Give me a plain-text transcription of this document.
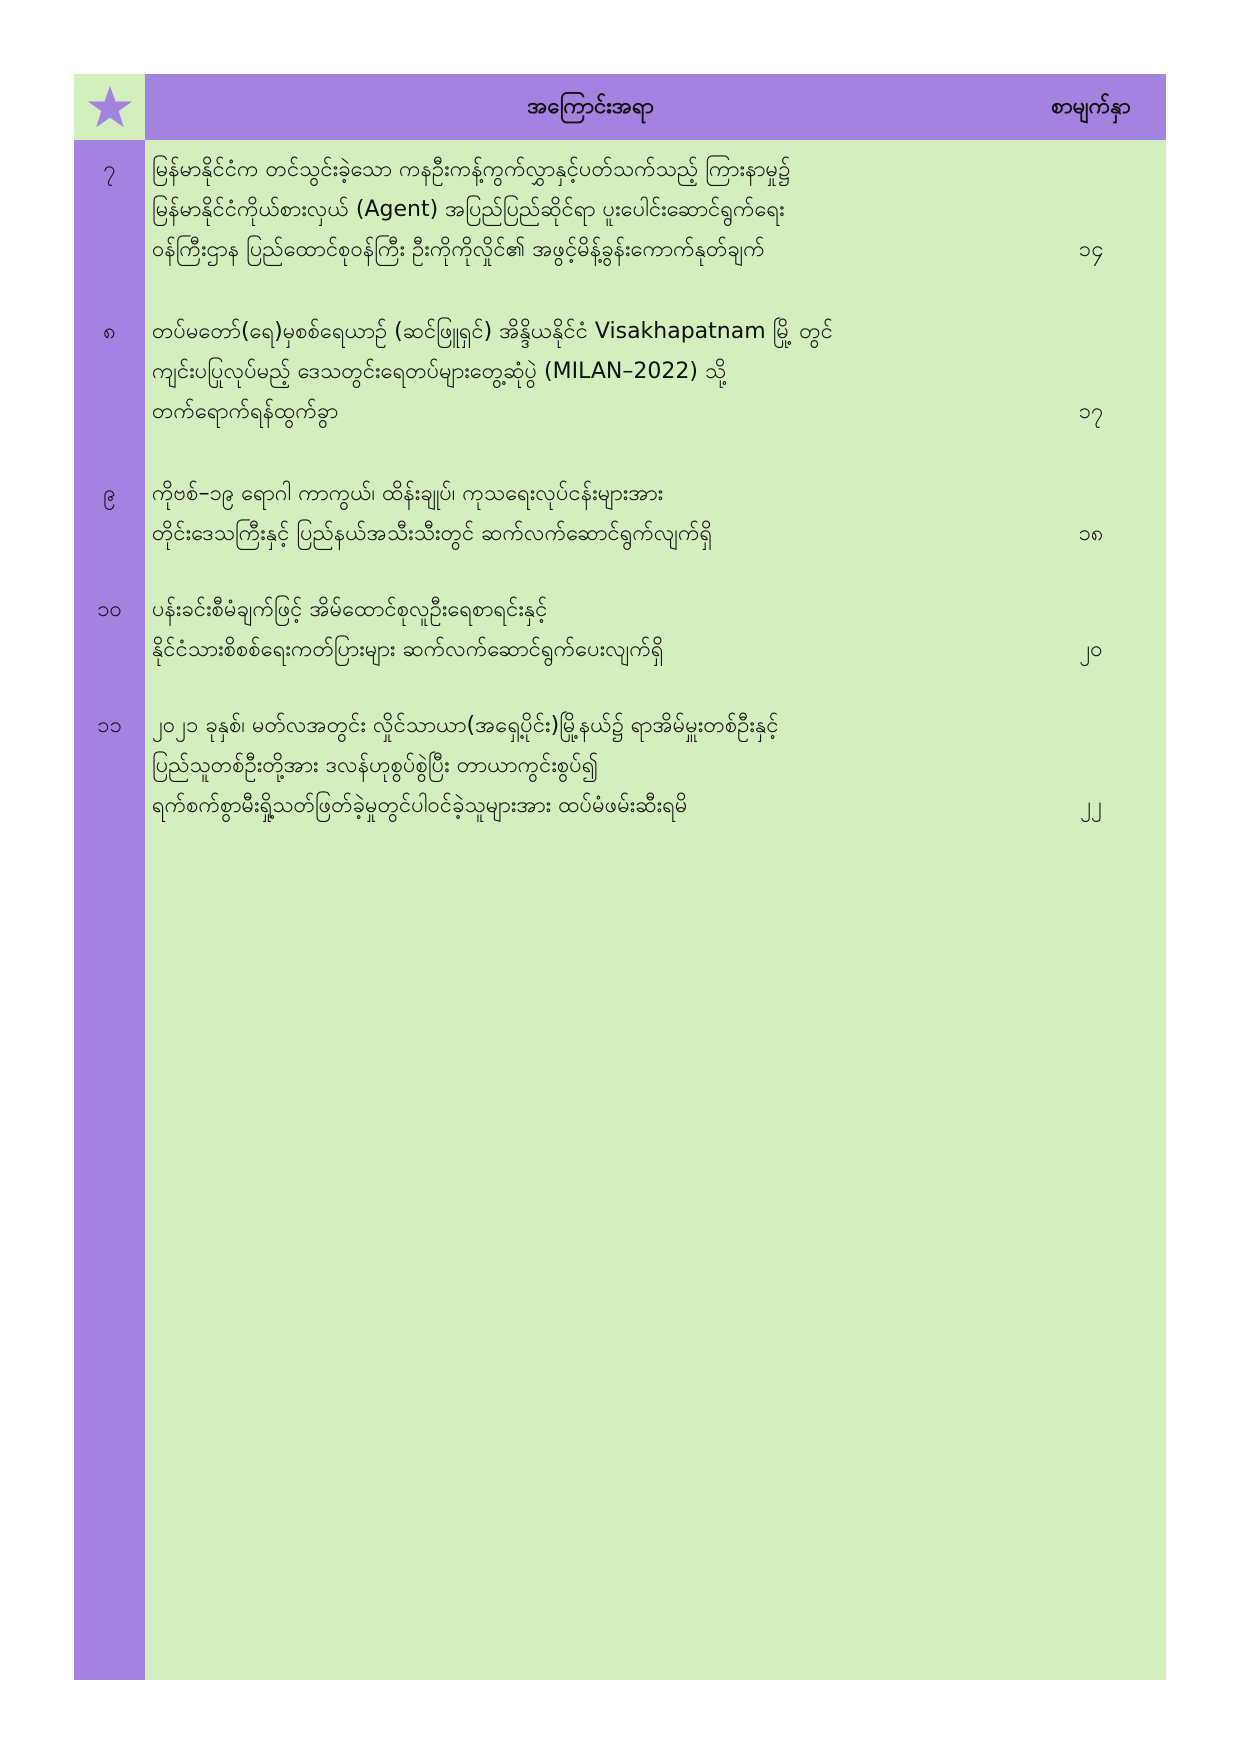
အကြောင်းအရာ	စာမျက်နှာ
၇	မြန်မာနိုင်ငံက တင်သွင်းခဲ့သော ကနဦးကန့်ကွက်လွှာနှင့်ပတ်သက်သည့် ကြားနာမှု၌
မြန်မာနိုင်ငံကိုယ်စားလှယ် (Agent) အပြည်ပြည်ဆိုင်ရာ ပူးပေါင်းဆောင်ရွက်ရေး
ဝန်ကြီးဌာန ပြည်ထောင်စုဝန်ကြီး ဦးကိုကိုလှိုင်၏ အဖွင့်မိန့်ခွန်းကောက်နုတ်ချက်	၁၄
၈	တပ်မတော်(ရေ)မှစစ်ရေယာဉ် (ဆင်ဖြူရှင်) အိန္ဒိယနိုင်ငံ Visakhapatnam မြို့ တွင်
ကျင်းပပြုလုပ်မည့် ဒေသတွင်းရေတပ်များတွေ့ဆုံပွဲ (MILAN–2022) သို့
တက်ရောက်ရန်ထွက်ခွာ	၁၇
၉	ကိုဗစ်–၁၉ ရောဂါ ကာကွယ်၊ ထိန်းချုပ်၊ ကုသရေးလုပ်ငန်းများအား
တိုင်းဒေသကြီးနှင့် ပြည်နယ်အသီးသီးတွင် ဆက်လက်ဆောင်ရွက်လျက်ရှိ	၁၈
၁၀	ပန်းခင်းစီမံချက်ဖြင့် အိမ်ထောင်စုလူဦးရေစာရင်းနှင့်
နိုင်ငံသားစိစစ်ရေးကတ်ပြားများ ဆက်လက်ဆောင်ရွက်ပေးလျက်ရှိ	၂၀
၁၁	၂၀၂၁ ခုနှစ်၊ မတ်လအတွင်း လှိုင်သာယာ(အရှေ့ပိုင်း)မြို့နယ်၌ ရာအိမ်မှူးတစ်ဦးနှင့်
ပြည်သူတစ်ဦးတို့အား ဒလန်ဟုစွပ်စွဲပြီး တာယာကွင်းစွပ်၍
ရက်စက်စွာမီးရှို့သတ်ဖြတ်ခဲ့မှုတွင်ပါဝင်ခဲ့သူများအား ထပ်မံဖမ်းဆီးရမိ	၂၂
